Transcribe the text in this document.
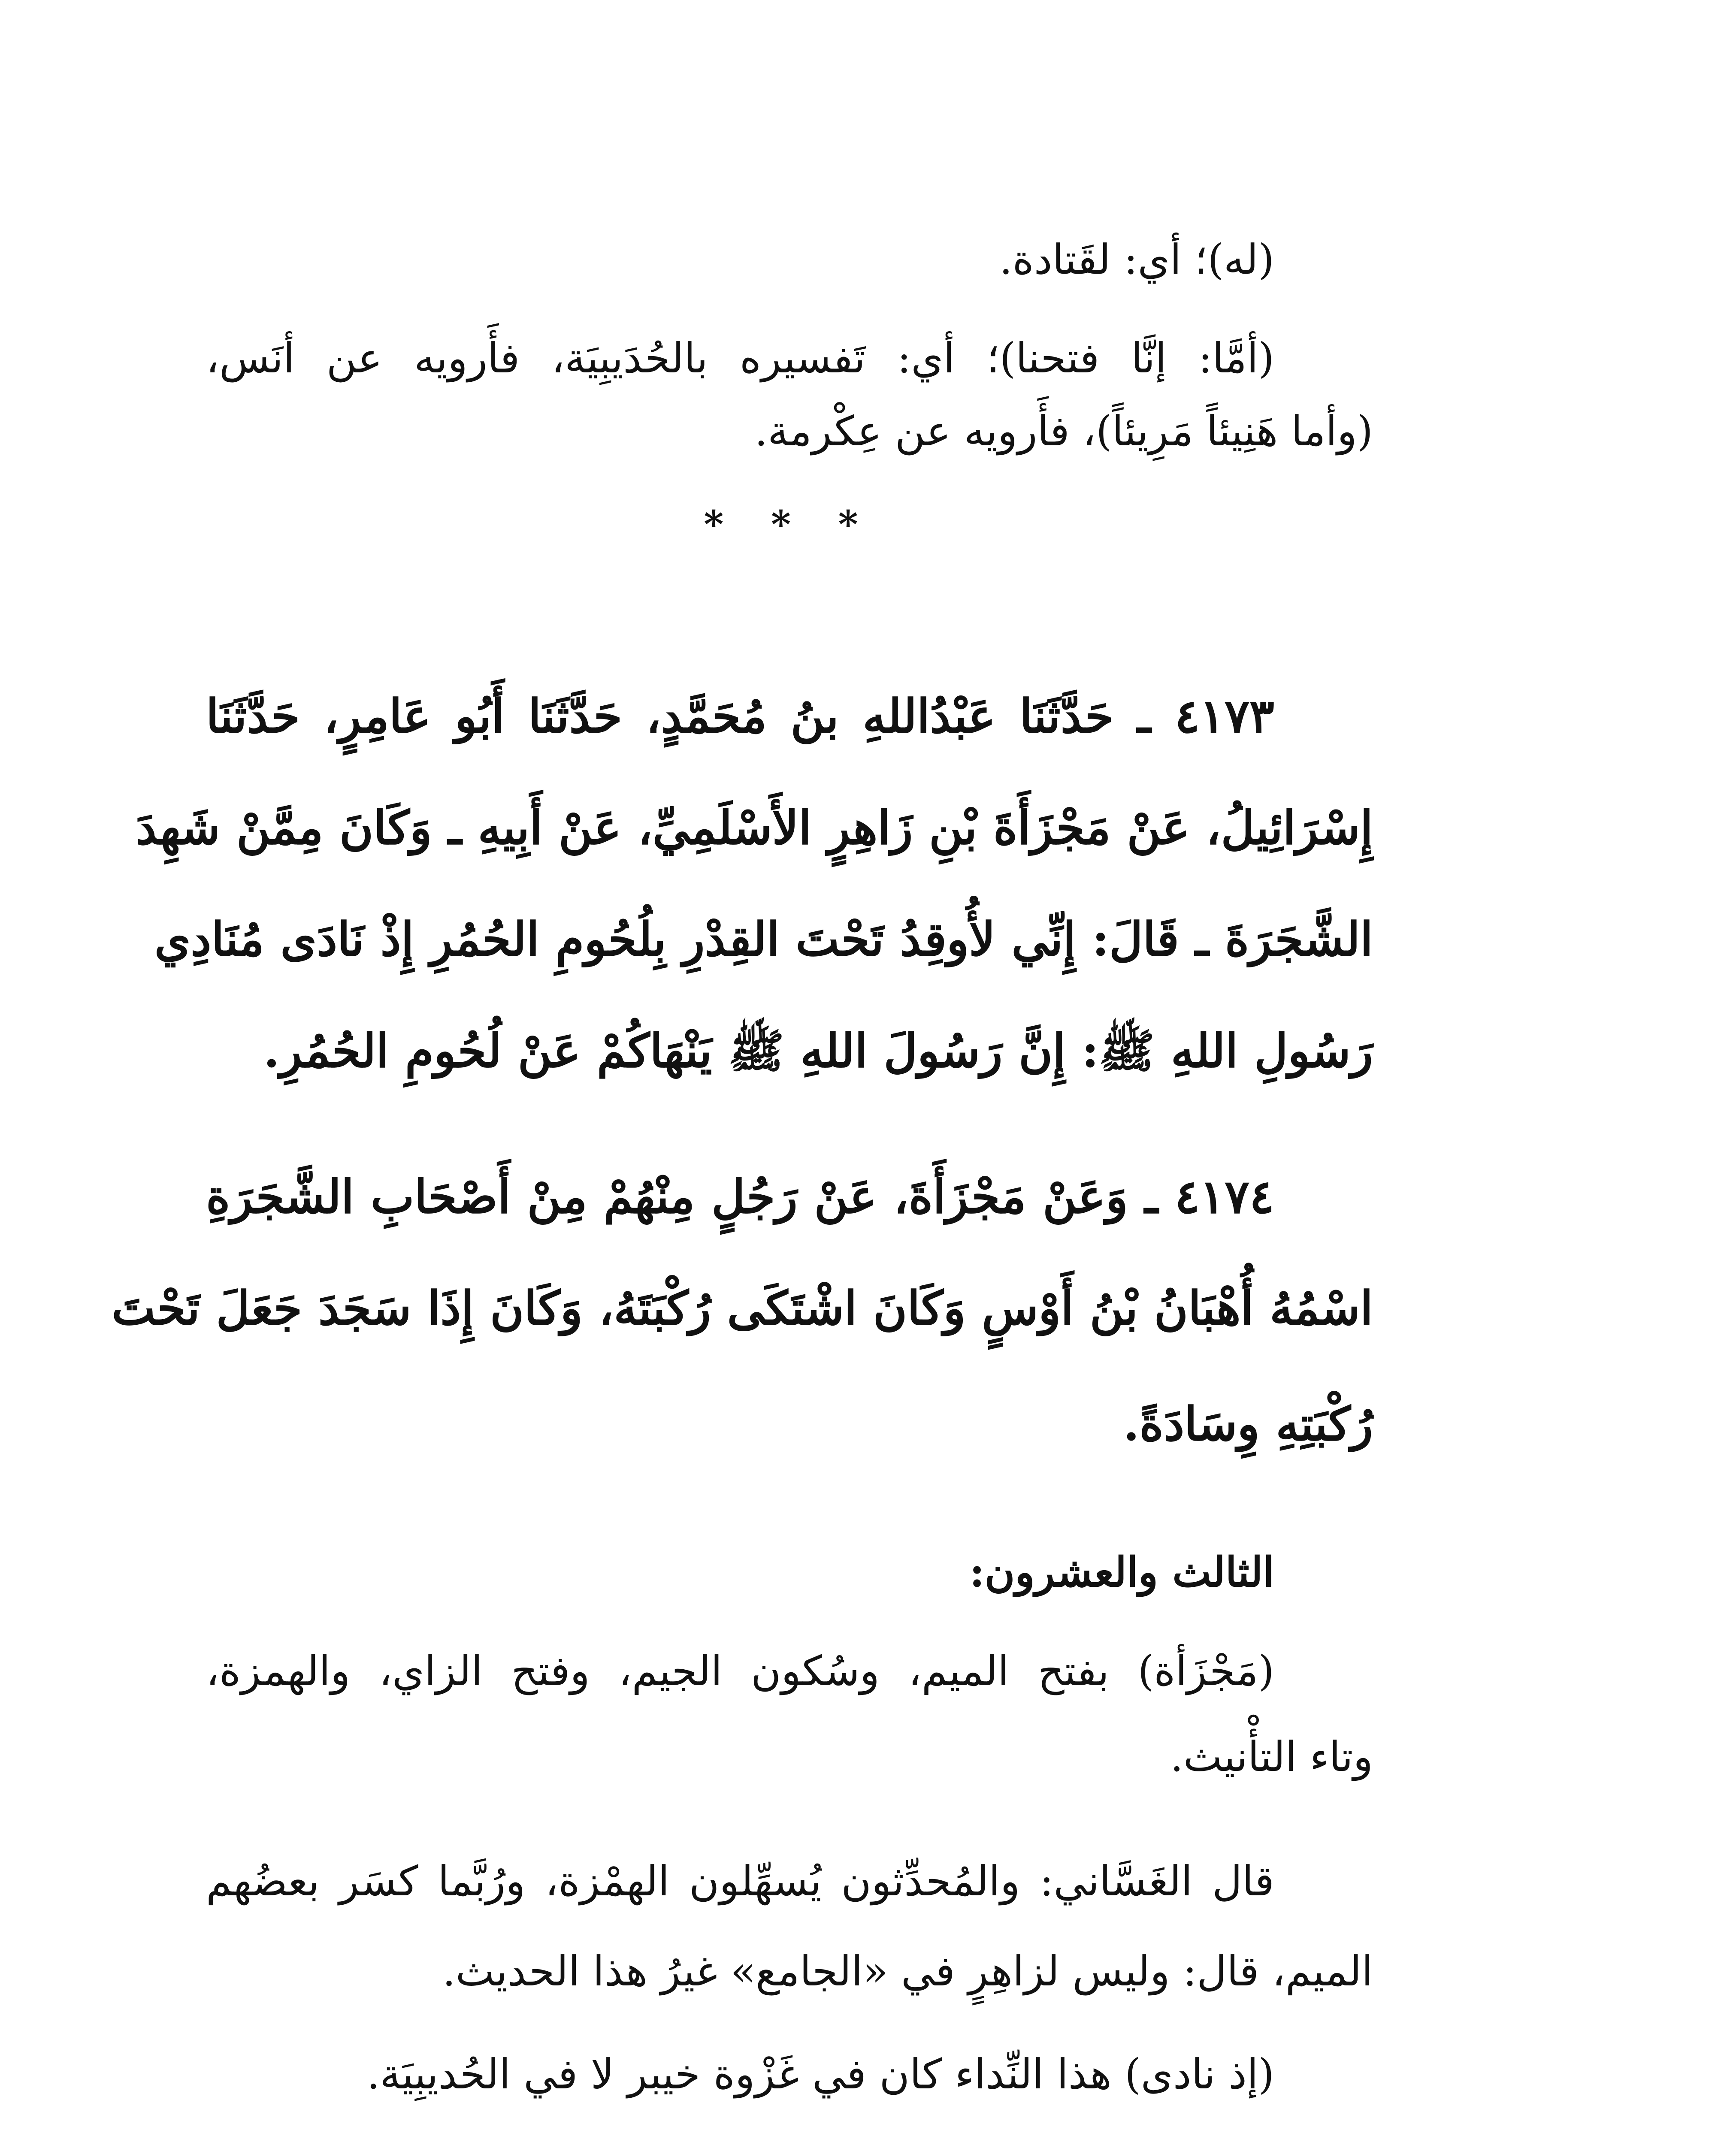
(له)؛ أي: لقَتادة.
(أمَّا: إنَّا فتحنا)؛ أي: تَفسيره بالحُدَيبِيَة، فأَرويه عن أنَس،
(وأما هَنِيئاً مَرِيئاً)، فأَرويه عن عِكْرمة.
* * *
٤١٧٣ ـ حَدَّثَنَا عَبْدُاللهِ بنُ مُحَمَّدٍ، حَدَّثَنَا أَبُو عَامِرٍ، حَدَّثَنَا
إِسْرَائِيلُ، عَنْ مَجْزَأَةَ بْنِ زَاهِرٍ الأَسْلَمِيِّ، عَنْ أَبِيهِ ـ وَكَانَ مِمَّنْ شَهِدَ
الشَّجَرَةَ ـ قَالَ: إِنِّي لأُوقِدُ تَحْتَ القِدْرِ بِلُحُومِ الحُمُرِ إِذْ نَادَى مُنَادِي
رَسُولِ اللهِ ﷺ: إِنَّ رَسُولَ اللهِ ﷺ يَنْهَاكُمْ عَنْ لُحُومِ الحُمُرِ.
٤١٧٤ ـ وَعَنْ مَجْزَأَةَ، عَنْ رَجُلٍ مِنْهُمْ مِنْ أَصْحَابِ الشَّجَرَةِ
اسْمُهُ أُهْبَانُ بْنُ أَوْسٍ وَكَانَ اشْتَكَى رُكْبَتَهُ، وَكَانَ إِذَا سَجَدَ جَعَلَ تَحْتَ
رُكْبَتِهِ وِسَادَةً.
الثالث والعشرون:
(مَجْزَأة) بفتح الميم، وسُكون الجيم، وفتح الزاي، والهمزة،
وتاء التأْنيث.
قال الغَسَّاني: والمُحدِّثون يُسهِّلون الهمْزة، ورُبَّما كسَر بعضُهم
الميم، قال: وليس لزاهِرٍ في «الجامع» غيرُ هذا الحديث.
(إذ نادى) هذا النِّداء كان في غَزْوة خيبر لا في الحُديبِيَة.
